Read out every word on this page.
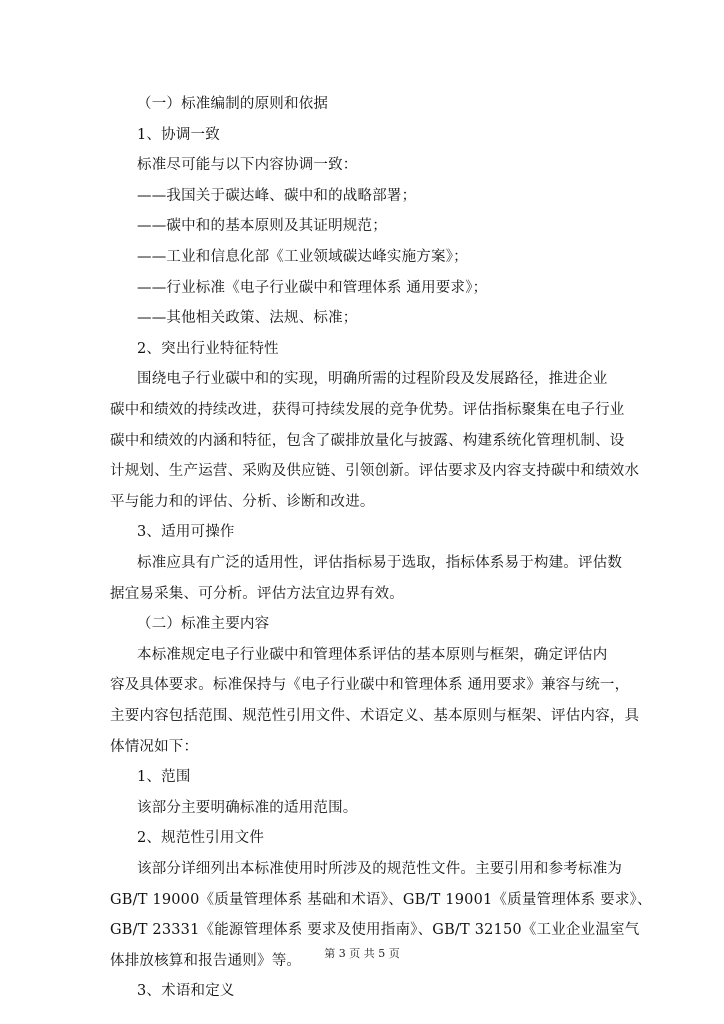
（一）标准编制的原则和依据
1、协调一致
标准尽可能与以下内容协调一致：
——我国关于碳达峰、碳中和的战略部署；
——碳中和的基本原则及其证明规范；
——工业和信息化部《工业领域碳达峰实施方案》；
——行业标准《电子行业碳中和管理体系 通用要求》；
——其他相关政策、法规、标准；
2、突出行业特征特性
围绕电子行业碳中和的实现，明确所需的过程阶段及发展路径，推进企业
碳中和绩效的持续改进，获得可持续发展的竞争优势。评估指标聚集在电子行业
碳中和绩效的内涵和特征，包含了碳排放量化与披露、构建系统化管理机制、设
计规划、生产运营、采购及供应链、引领创新。评估要求及内容支持碳中和绩效水
平与能力和的评估、分析、诊断和改进。
3、适用可操作
标准应具有广泛的适用性，评估指标易于选取，指标体系易于构建。评估数
据宜易采集、可分析。评估方法宜边界有效。
（二）标准主要内容
本标准规定电子行业碳中和管理体系评估的基本原则与框架，确定评估内
容及具体要求。标准保持与《电子行业碳中和管理体系 通用要求》兼容与统一，
主要内容包括范围、规范性引用文件、术语定义、基本原则与框架、评估内容，具
体情况如下：
1、范围
该部分主要明确标准的适用范围。
2、规范性引用文件
该部分详细列出本标准使用时所涉及的规范性文件。主要引用和参考标准为
GB/T 19000《质量管理体系 基础和术语》、GB/T 19001《质量管理体系 要求》、
GB/T 23331《能源管理体系 要求及使用指南》、GB/T 32150《工业企业温室气
体排放核算和报告通则》等。
3、术语和定义
第 3 页 共 5 页
